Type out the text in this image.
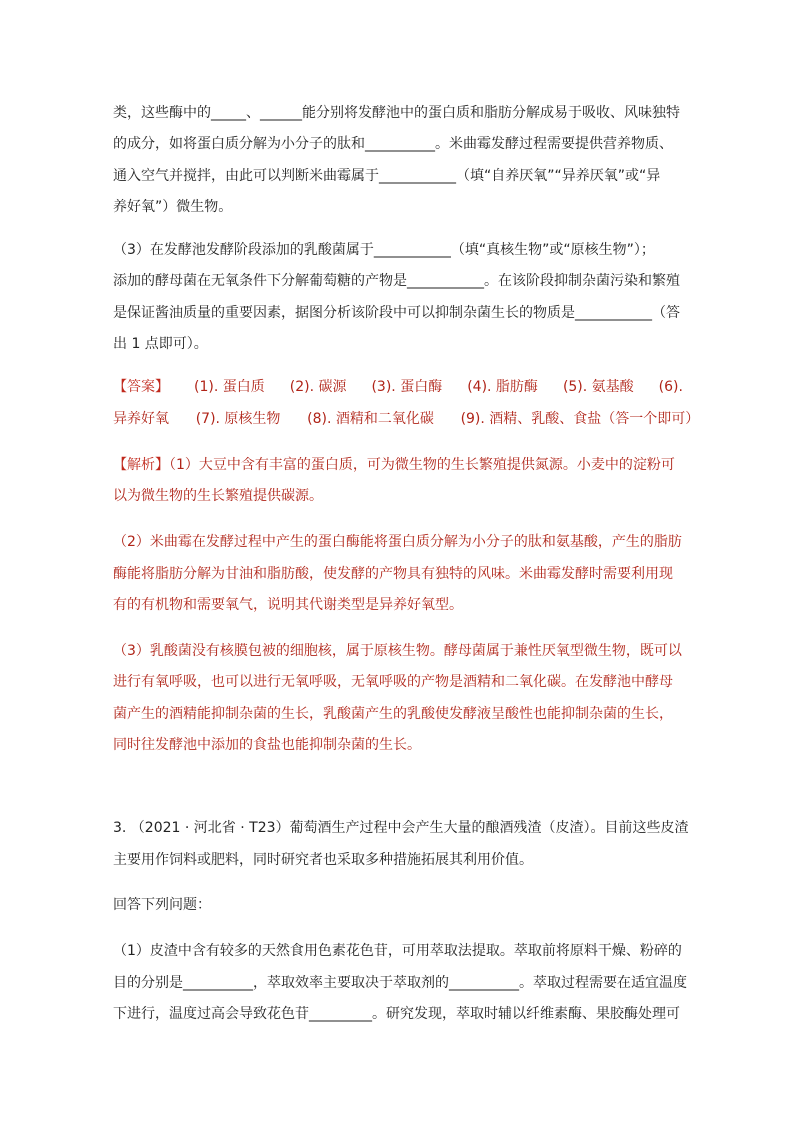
类，这些酶中的_____、______能分别将发酵池中的蛋白质和脂肪分解成易于吸收、风味独特

的成分，如将蛋白质分解为小分子的肽和__________。米曲霉发酵过程需要提供营养物质、

通入空气并搅拌，由此可以判断米曲霉属于___________（填“自养厌氧”“异养厌氧”或“异

养好氧”）微生物。

（3）在发酵池发酵阶段添加的乳酸菌属于___________（填“真核生物”或“原核生物”）；

添加的酵母菌在无氧条件下分解葡萄糖的产物是___________。在该阶段抑制杂菌污染和繁殖

是保证酱油质量的重要因素，据图分析该阶段中可以抑制杂菌生长的物质是___________（答

出 1 点即可）。

【答案】 (1). 蛋白质 (2). 碳源 (3). 蛋白酶 (4). 脂肪酶 (5). 氨基酸 (6).

异养好氧      (7). 原核生物      (8). 酒精和二氧化碳      (9). 酒精、乳酸、食盐（答一个即可）

【解析】（1）大豆中含有丰富的蛋白质，可为微生物的生长繁殖提供氮源。小麦中的淀粉可

以为微生物的生长繁殖提供碳源。

（2）米曲霉在发酵过程中产生的蛋白酶能将蛋白质分解为小分子的肽和氨基酸，产生的脂肪

酶能将脂肪分解为甘油和脂肪酸，使发酵的产物具有独特的风味。米曲霉发酵时需要利用现

有的有机物和需要氧气，说明其代谢类型是异养好氧型。

（3）乳酸菌没有核膜包被的细胞核，属于原核生物。酵母菌属于兼性厌氧型微生物，既可以

进行有氧呼吸，也可以进行无氧呼吸，无氧呼吸的产物是酒精和二氧化碳。在发酵池中酵母

菌产生的酒精能抑制杂菌的生长，乳酸菌产生的乳酸使发酵液呈酸性也能抑制杂菌的生长，

同时往发酵池中添加的食盐也能抑制杂菌的生长。

3. （2021 · 河北省 · T23）葡萄酒生产过程中会产生大量的酿酒残渣（皮渣）。目前这些皮渣

主要用作饲料或肥料，同时研究者也采取多种措施拓展其利用价值。

回答下列问题：

（1）皮渣中含有较多的天然食用色素花色苷，可用萃取法提取。萃取前将原料干燥、粉碎的

目的分别是__________，萃取效率主要取决于萃取剂的__________。萃取过程需要在适宜温度

下进行，温度过高会导致花色苷_________。研究发现，萃取时辅以纤维素酶、果胶酶处理可
